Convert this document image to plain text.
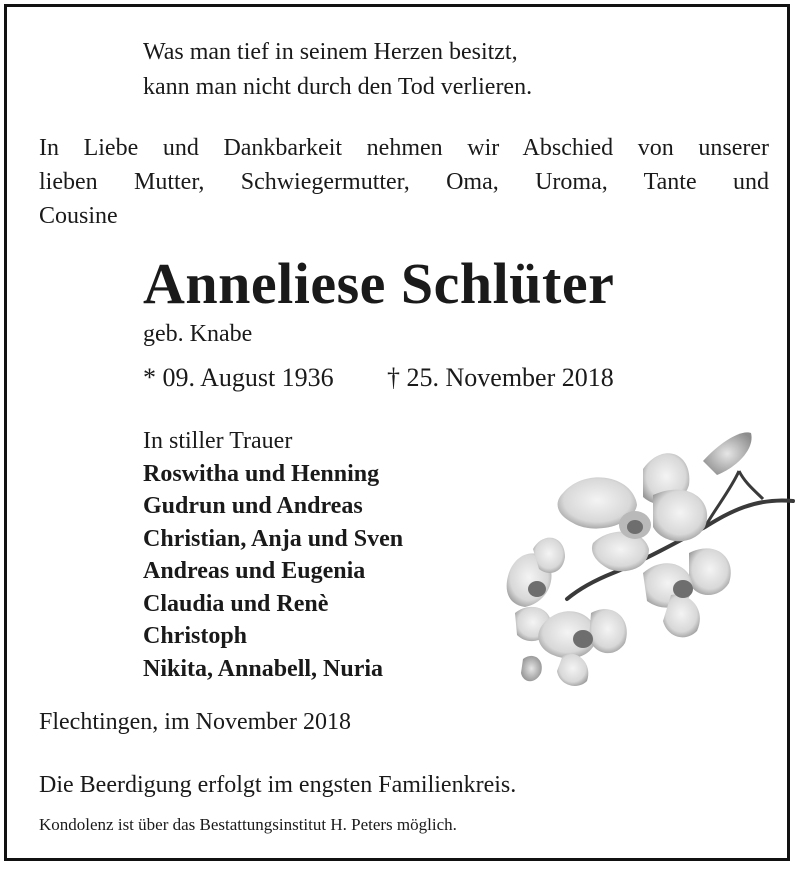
Was man tief in seinem Herzen besitzt,
kann man nicht durch den Tod verlieren.
In Liebe und Dankbarkeit nehmen wir Abschied von unserer
lieben Mutter, Schwiegermutter, Oma, Uroma, Tante und
Cousine
Anneliese Schlüter
geb. Knabe
* 09. August 1936 † 25. November 2018
In stiller Trauer
Roswitha und Henning
Gudrun und Andreas
Christian, Anja und Sven
Andreas und Eugenia
Claudia und Renè
Christoph
Nikita, Annabell, Nuria
Flechtingen, im November 2018
Die Beerdigung erfolgt im engsten Familienkreis.
Kondolenz ist über das Bestattungsinstitut H. Peters möglich.
